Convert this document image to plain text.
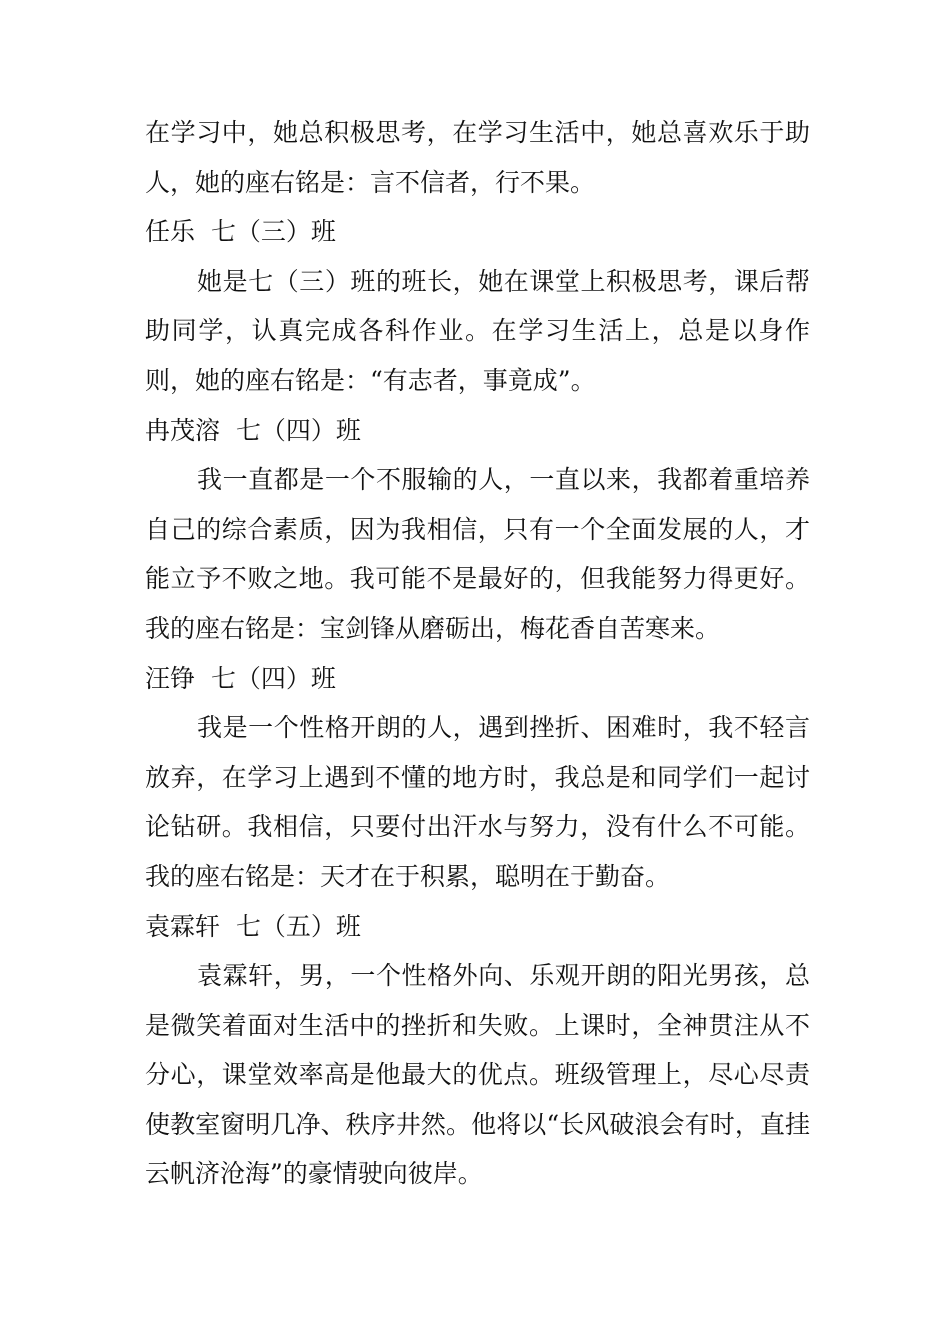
在学习中，她总积极思考，在学习生活中，她总喜欢乐于助人，她的座右铭是：言不信者，行不果。

任乐  七（三）班

她是七（三）班的班长，她在课堂上积极思考，课后帮助同学，认真完成各科作业。在学习生活上，总是以身作则，她的座右铭是：“有志者，事竟成”。

冉茂溶  七（四）班

我一直都是一个不服输的人，一直以来，我都着重培养自己的综合素质，因为我相信，只有一个全面发展的人，才能立予不败之地。我可能不是最好的，但我能努力得更好。我的座右铭是：宝剑锋从磨砺出，梅花香自苦寒来。

汪铮  七（四）班

我是一个性格开朗的人，遇到挫折、困难时，我不轻言放弃，在学习上遇到不懂的地方时，我总是和同学们一起讨论钻研。我相信，只要付出汗水与努力，没有什么不可能。我的座右铭是：天才在于积累，聪明在于勤奋。

袁霖轩  七（五）班

袁霖轩，男，一个性格外向、乐观开朗的阳光男孩，总是微笑着面对生活中的挫折和失败。上课时，全神贯注从不分心，课堂效率高是他最大的优点。班级管理上，尽心尽责使教室窗明几净、秩序井然。他将以“长风破浪会有时，直挂云帆济沧海”的豪情驶向彼岸。
